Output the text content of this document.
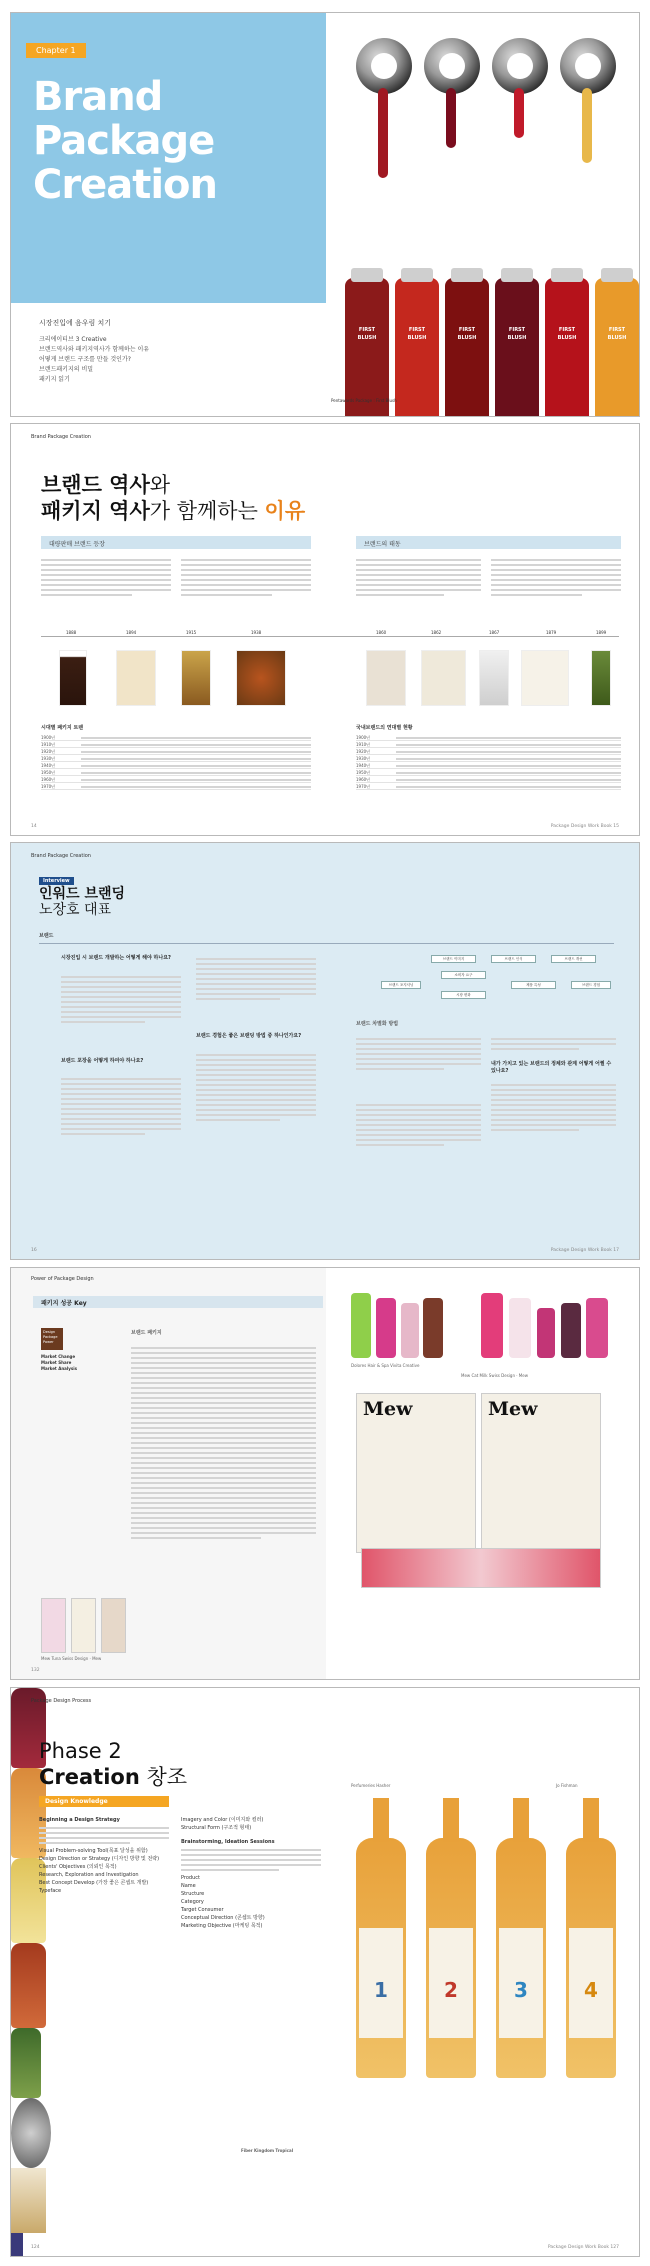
Chapter 1
Brand
Package
Creation
시장진입에 음우림 치기
크리에이티브 3 Creative
브랜드역사와 패키지역사가 함께하는 이유
어떻게 브랜드 구조를 만들 것인가?
브랜드패키지의 비밀
패키지 읽기
FIRST BLUSH
FIRST BLUSH
FIRST BLUSH
FIRST BLUSH
FIRST BLUSH
FIRST BLUSH
Pentawards Package : First Blush
Brand Package Creation
브랜드 역사와
패키지 역사가 함께하는 이유
대량판매 브랜드 등장	브랜드의 태동
1888	1894	1915	1938	1860	1862	1867	1879	1899
시대별 패키지 트렌
1900년
1910년
1920년
1930년
1940년
1950년
1960년
1970년
국내브랜드의 연대별 현황
1900년
1910년
1920년
1930년
1940년
1950년
1960년
1970년
14	Package Design Work Book 15
Brand Package Creation
Interview
인워드 브랜딩
노장호 대표
브랜드
시장진입 시 브랜드 개발하는 어떻게 해야 하나요?
브랜드 포장을 어떻게 하여야 하나요?
브랜드 경험은 좋은 브랜딩 방법 중 하나인가요?
브랜드 이미지	브랜드 인식	브랜드 개선
브랜드 포지셔닝
소비자 요구
시장 변화
제품 특성	브랜드 경험
브랜드 차별화 방법
내가 가치고 있는 브랜드의 정체와 관계 어떻게 어쩔 수 있나요?
16	Package Design Work Book 17
Power of Package Design
패키지 성공 Key
Design Package Power
Market Change
Market Share
Market Analysis
브랜드 패키지
Mew Tuna Swiss Design · Mew
132
Dolores Hair & Spa Vivita Creative
Mew	Mew
Mew Cat Milk Swiss Design · Mew
Package Design Process
Phase 2
Creation 창조
Design Knowledge
Beginning a Design Strategy
Visual Problem-solving Tool(목표 달성을 위함)
Design Direction or Strategy (디자인 방향 및 전략)
Clients' Objectives (의뢰인 목적)
Research, Exploration and Investigation
Best Concept Develop (가장 좋은 콘셉트 개발)
Typeface
Imagery and Color (이미지와 컬러)
Structural Form (구조적 형태)
Brainstorming, Ideation Sessions
Product
Name
Structure
Category
Target Consumer
Conceptual Direction (콘셉트 방향)
Marketing Objective (마케팅 목적)
Fiber Kingdom Tropical
124
Perfumeries Hasher	Jo Fishman
1	2	3	4
Package Design Work Book 127
